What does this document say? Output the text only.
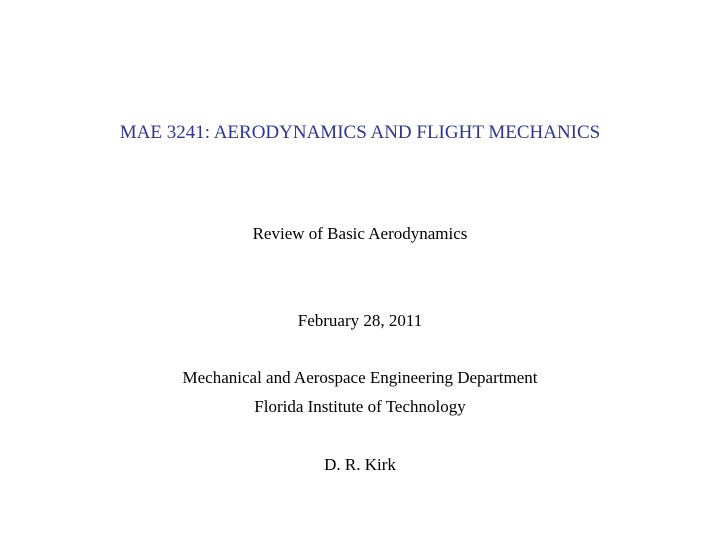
MAE 3241: AERODYNAMICS AND FLIGHT MECHANICS
Review of Basic Aerodynamics
February 28, 2011
Mechanical and Aerospace Engineering Department
Florida Institute of Technology
D. R. Kirk
